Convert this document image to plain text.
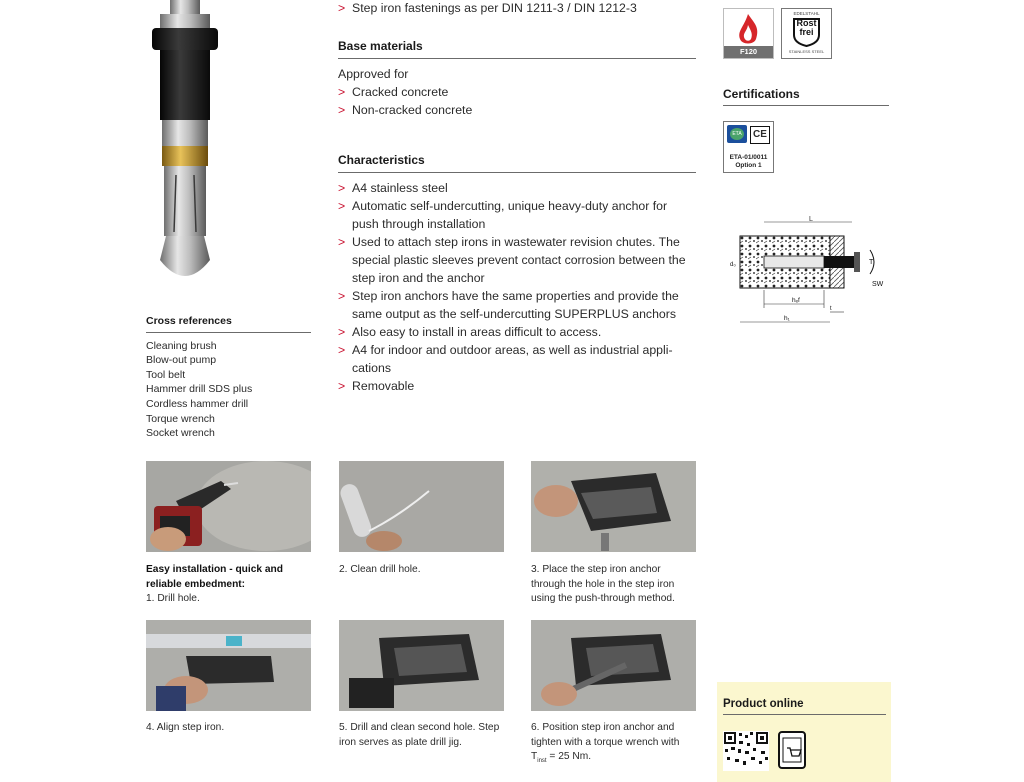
> Step iron fastenings as per DIN 1211-3 / DIN 1212-3
Base materials
Approved for
> Cracked concrete
> Non-cracked concrete
Characteristics
> A4 stainless steel
> Automatic self-undercutting, unique heavy-duty anchor for push through installation
> Used to attach step irons in wastewater revision chutes. The special plastic sleeves prevent contact corrosion between the step iron and the anchor
> Step iron anchors have the same properties and provide the same output as the self-undercutting SUPERPLUS anchors
> Also easy to install in areas difficult to access.
> A4 for indoor and outdoor areas, as well as industrial appli-cations
> Removable
Cross references
Cleaning brush
Blow-out pump
Tool belt
Hammer drill SDS plus
Cordless hammer drill
Torque wrench
Socket wrench
Easy installation - quick and reliable embedment:
1. Drill hole.
2. Clean drill hole.	3. Place the step iron anchor through the hole in the step iron using the push-through method.
4. Align step iron.	5. Drill and clean second hole. Step iron serves as plate drill jig.
6. Position step iron anchor and tighten with a torque wrench with $T_{inst} = 25$ Nm.
F120
EDELSTAHL
Rost
frei
STAINLESS STEEL
Certifications
ETA	CE
ETA-01/0011
Option 1
L
T
SW
d₀
hₑf
h₁
t
Product online
